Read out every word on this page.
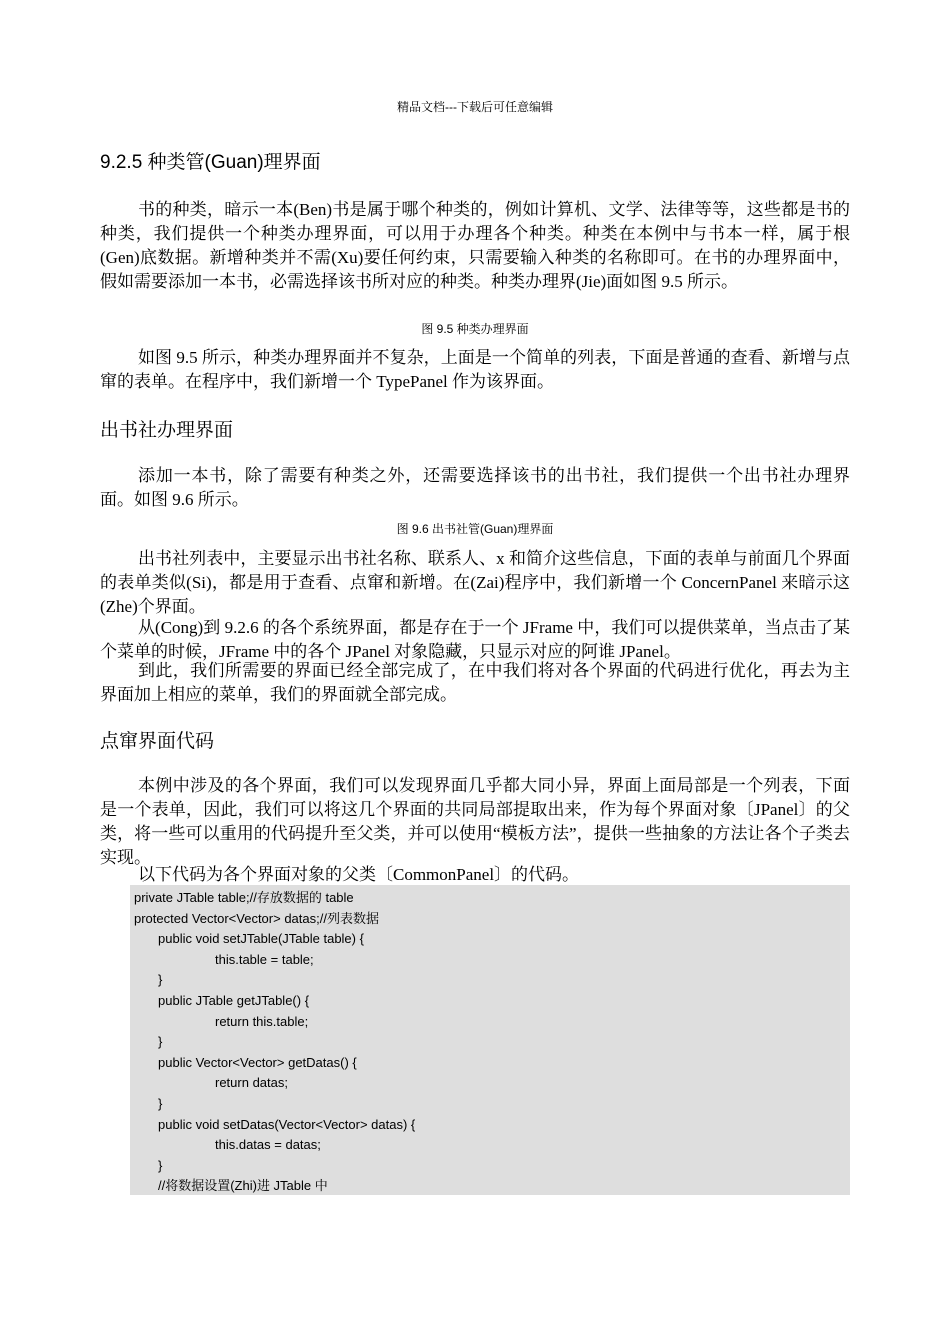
精品文档---下载后可任意编辑
9.2.5 种类管(Guan)理界面

书的种类，暗示一本(Ben)书是属于哪个种类的，例如计算机、文学、法律等等，这些都是书的种类，我们提供一个种类办理界面，可以用于办理各个种类。种类在本例中与书本一样，属于根(Gen)底数据。新增种类并不需(Xu)要任何约束，只需要输入种类的名称即可。在书的办理界面中，假如需要添加一本书，必需选择该书所对应的种类。种类办理界(Jie)面如图 9.5 所示。

图 9.5 种类办理界面

如图 9.5 所示，种类办理界面并不复杂，上面是一个简单的列表，下面是普通的查看、新增与点窜的表单。在程序中，我们新增一个 TypePanel 作为该界面。

出书社办理界面

添加一本书，除了需要有种类之外，还需要选择该书的出书社，我们提供一个出书社办理界面。如图 9.6 所示。

图 9.6 出书社管(Guan)理界面

出书社列表中，主要显示出书社名称、联系人、x 和简介这些信息，下面的表单与前面几个界面的表单类似(Si)，都是用于查看、点窜和新增。在(Zai)程序中，我们新增一个 ConcernPanel 来暗示这(Zhe)个界面。

从(Cong)到 9.2.6 的各个系统界面，都是存在于一个 JFrame 中，我们可以提供菜单，当点击了某个菜单的时候，JFrame 中的各个 JPanel 对象隐藏，只显示对应的阿谁 JPanel。

到此，我们所需要的界面已经全部完成了，在中我们将对各个界面的代码进行优化，再去为主界面加上相应的菜单，我们的界面就全部完成。

点窜界面代码

本例中涉及的各个界面，我们可以发现界面几乎都大同小异，界面上面局部是一个列表，下面是一个表单，因此，我们可以将这几个界面的共同局部提取出来，作为每个界面对象〔JPanel〕的父类，将一些可以重用的代码提升至父类，并可以使用“模板方法”，提供一些抽象的方法让各个子类去实现。

以下代码为各个界面对象的父类〔CommonPanel〕的代码。

private JTable table;//存放数据的 table
protected Vector<Vector> datas;//列表数据
public void setJTable(JTable table) {
this.table = table;
}
public JTable getJTable() {
return this.table;
}
public Vector<Vector> getDatas() {
return datas;
}
public void setDatas(Vector<Vector> datas) {
this.datas = datas;
}
//将数据设置(Zhi)进 JTable 中
